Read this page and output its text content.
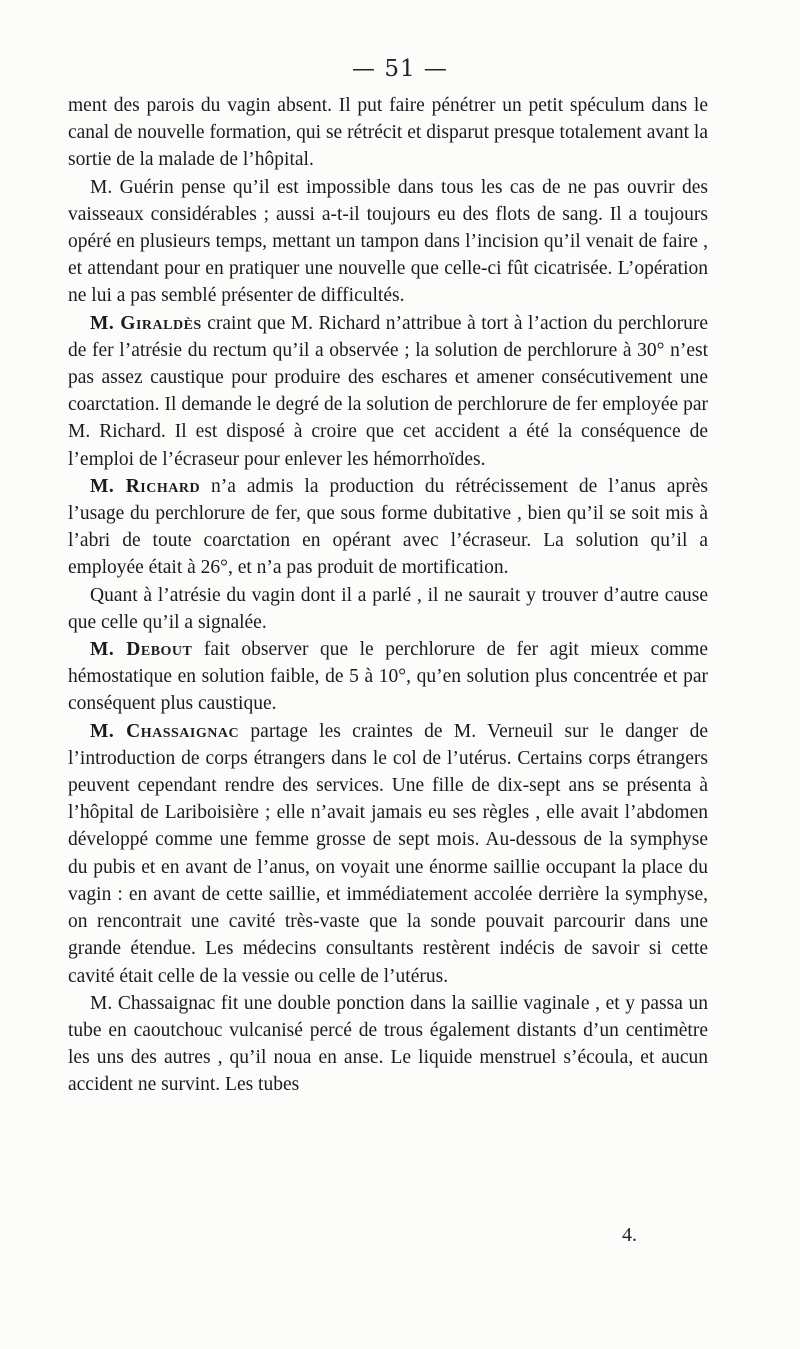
— 51 —

ment des parois du vagin absent. Il put faire pénétrer un petit spéculum dans le canal de nouvelle formation, qui se rétrécit et disparut presque totalement avant la sortie de la malade de l’hôpital.

M. Guérin pense qu’il est impossible dans tous les cas de ne pas ouvrir des vaisseaux considérables ; aussi a-t-il toujours eu des flots de sang. Il a toujours opéré en plusieurs temps, mettant un tampon dans l’incision qu’il venait de faire , et attendant pour en pratiquer une nouvelle que celle-ci fût cicatrisée. L’opération ne lui a pas semblé présenter de difficultés.

M. Giraldès craint que M. Richard n’attribue à tort à l’action du perchlorure de fer l’atrésie du rectum qu’il a observée ; la solution de perchlorure à 30° n’est pas assez caustique pour produire des eschares et amener consécutivement une coarctation. Il demande le degré de la solution de perchlorure de fer employée par M. Richard. Il est disposé à croire que cet accident a été la conséquence de l’emploi de l’écraseur pour enlever les hémorrhoïdes.

M. Richard n’a admis la production du rétrécissement de l’anus après l’usage du perchlorure de fer, que sous forme dubitative , bien qu’il se soit mis à l’abri de toute coarctation en opérant avec l’écraseur. La solution qu’il a employée était à 26°, et n’a pas produit de mortification.

Quant à l’atrésie du vagin dont il a parlé , il ne saurait y trouver d’autre cause que celle qu’il a signalée.

M. Debout fait observer que le perchlorure de fer agit mieux comme hémostatique en solution faible, de 5 à 10°, qu’en solution plus concentrée et par conséquent plus caustique.

M. Chassaignac partage les craintes de M. Verneuil sur le danger de l’introduction de corps étrangers dans le col de l’utérus. Certains corps étrangers peuvent cependant rendre des services. Une fille de dix-sept ans se présenta à l’hôpital de Lariboisière ; elle n’avait jamais eu ses règles , elle avait l’abdomen développé comme une femme grosse de sept mois. Au-dessous de la symphyse du pubis et en avant de l’anus, on voyait une énorme saillie occupant la place du vagin : en avant de cette saillie, et immédiatement accolée derrière la symphyse, on rencontrait une cavité très-vaste que la sonde pouvait parcourir dans une grande étendue. Les médecins consultants restèrent indécis de savoir si cette cavité était celle de la vessie ou celle de l’utérus.

M. Chassaignac fit une double ponction dans la saillie vaginale , et y passa un tube en caoutchouc vulcanisé percé de trous également distants d’un centimètre les uns des autres , qu’il noua en anse. Le liquide menstruel s’écoula, et aucun accident ne survint. Les tubes

4.
